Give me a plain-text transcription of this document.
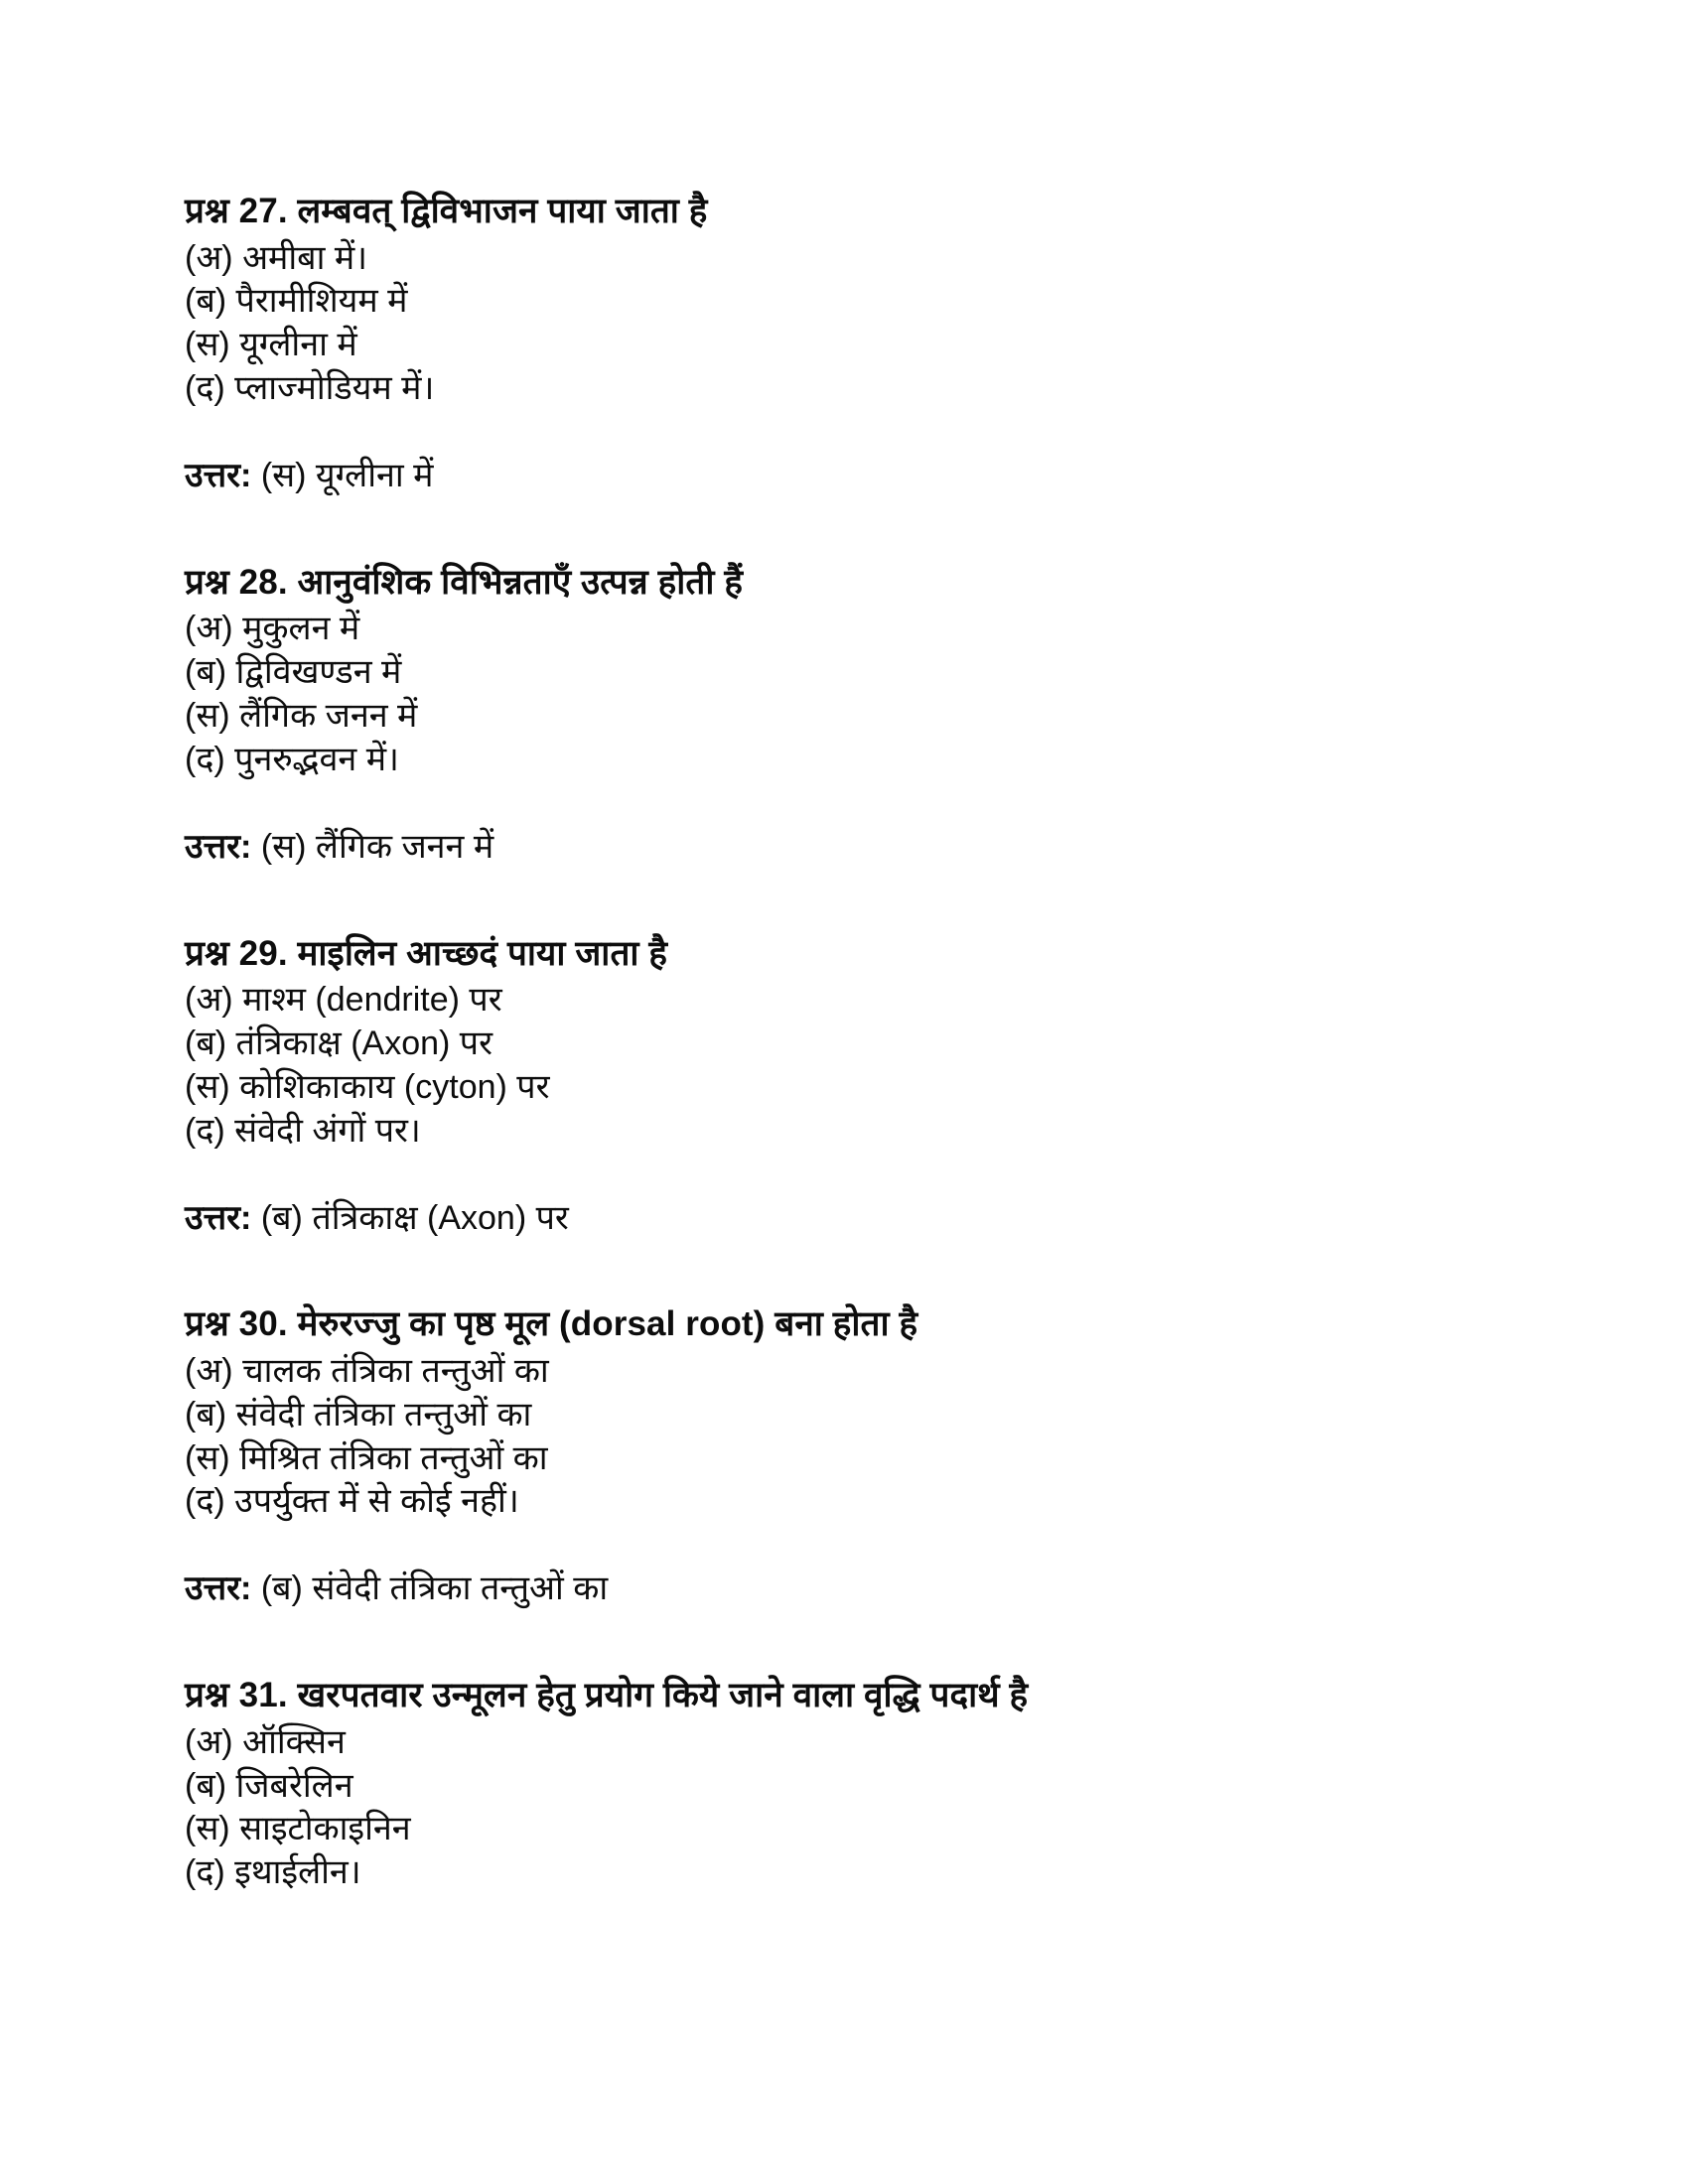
प्रश्न 27. लम्बवत् द्विविभाजन पाया जाता है

(अ) अमीबा में।
(ब) पैरामीशियम में
(स) यूग्लीना में
(द) प्लाज्मोडियम में।

उत्तर: (स) यूग्लीना में

प्रश्न 28. आनुवंशिक विभिन्नताएँ उत्पन्न होती हैं

(अ) मुकुलन में
(ब) द्विविखण्डन में
(स) लैंगिक जनन में
(द) पुनरुद्भवन में।

उत्तर: (स) लैंगिक जनन में

प्रश्न 29. माइलिन आच्छदं पाया जाता है

(अ) माश्म (dendrite) पर
(ब) तंत्रिकाक्ष (Axon) पर
(स) कोशिकाकाय (cyton) पर
(द) संवेदी अंगों पर।

उत्तर: (ब) तंत्रिकाक्ष (Axon) पर

प्रश्न 30. मेरुरज्जु का पृष्ठ मूल (dorsal root) बना होता है

(अ) चालक तंत्रिका तन्तुओं का
(ब) संवेदी तंत्रिका तन्तुओं का
(स) मिश्रित तंत्रिका तन्तुओं का
(द) उपर्युक्त में से कोई नहीं।

उत्तर: (ब) संवेदी तंत्रिका तन्तुओं का

प्रश्न 31. खरपतवार उन्मूलन हेतु प्रयोग किये जाने वाला वृद्धि पदार्थ है

(अ) ऑक्सिन
(ब) जिबरेलिन
(स) साइटोकाइनिन
(द) इथाईलीन।
